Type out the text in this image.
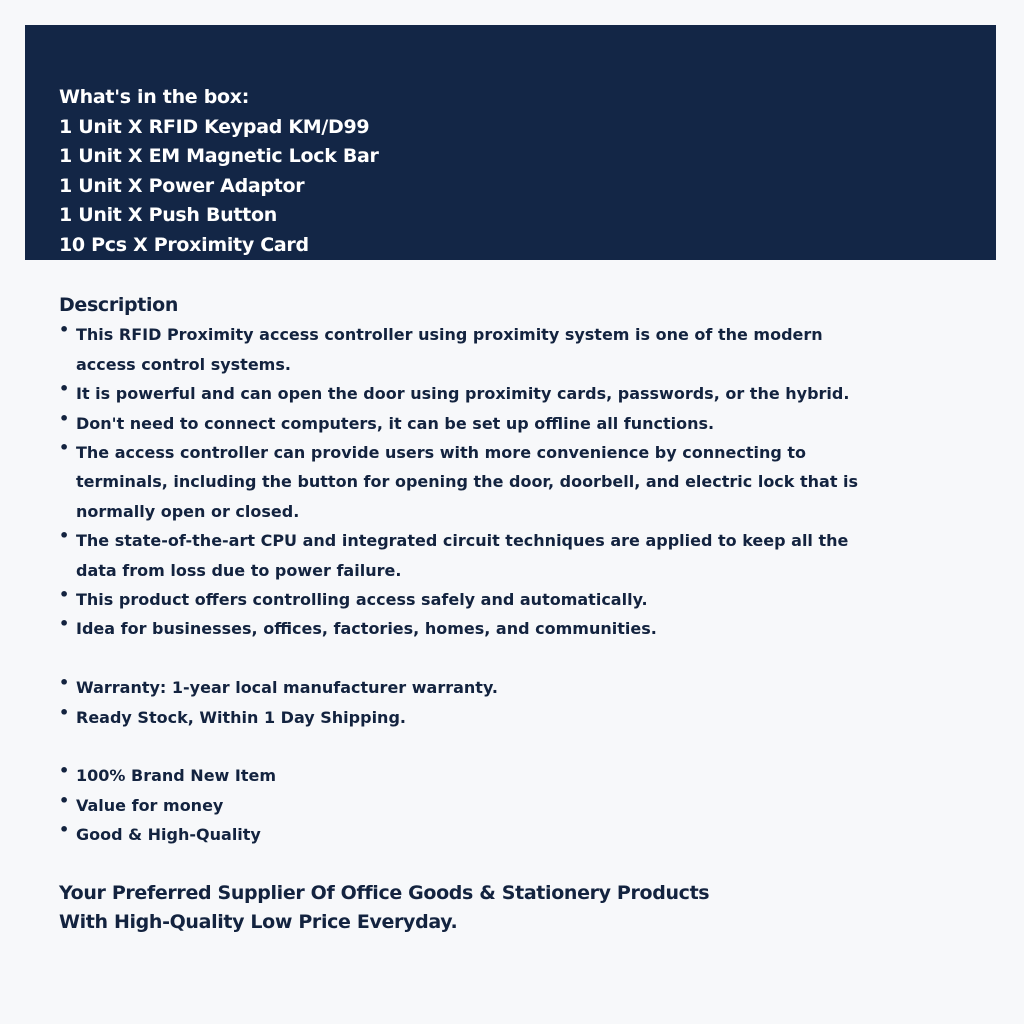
What's in the box:
1 Unit X RFID Keypad KM/D99
1 Unit X EM Magnetic Lock Bar
1 Unit X Power Adaptor
1 Unit X Push Button
10 Pcs X Proximity Card
Description
• This RFID Proximity access controller using proximity system is one of the modern
access control systems.
• It is powerful and can open the door using proximity cards, passwords, or the hybrid.
• Don't need to connect computers, it can be set up offline all functions.
• The access controller can provide users with more convenience by connecting to
terminals, including the button for opening the door, doorbell, and electric lock that is
normally open or closed.
• The state-of-the-art CPU and integrated circuit techniques are applied to keep all the
data from loss due to power failure.
• This product offers controlling access safely and automatically.
• Idea for businesses, offices, factories, homes, and communities.
• Warranty: 1-year local manufacturer warranty.
• Ready Stock, Within 1 Day Shipping.
• 100% Brand New Item
• Value for money
• Good & High-Quality
Your Preferred Supplier Of Office Goods & Stationery Products
With High-Quality Low Price Everyday.
